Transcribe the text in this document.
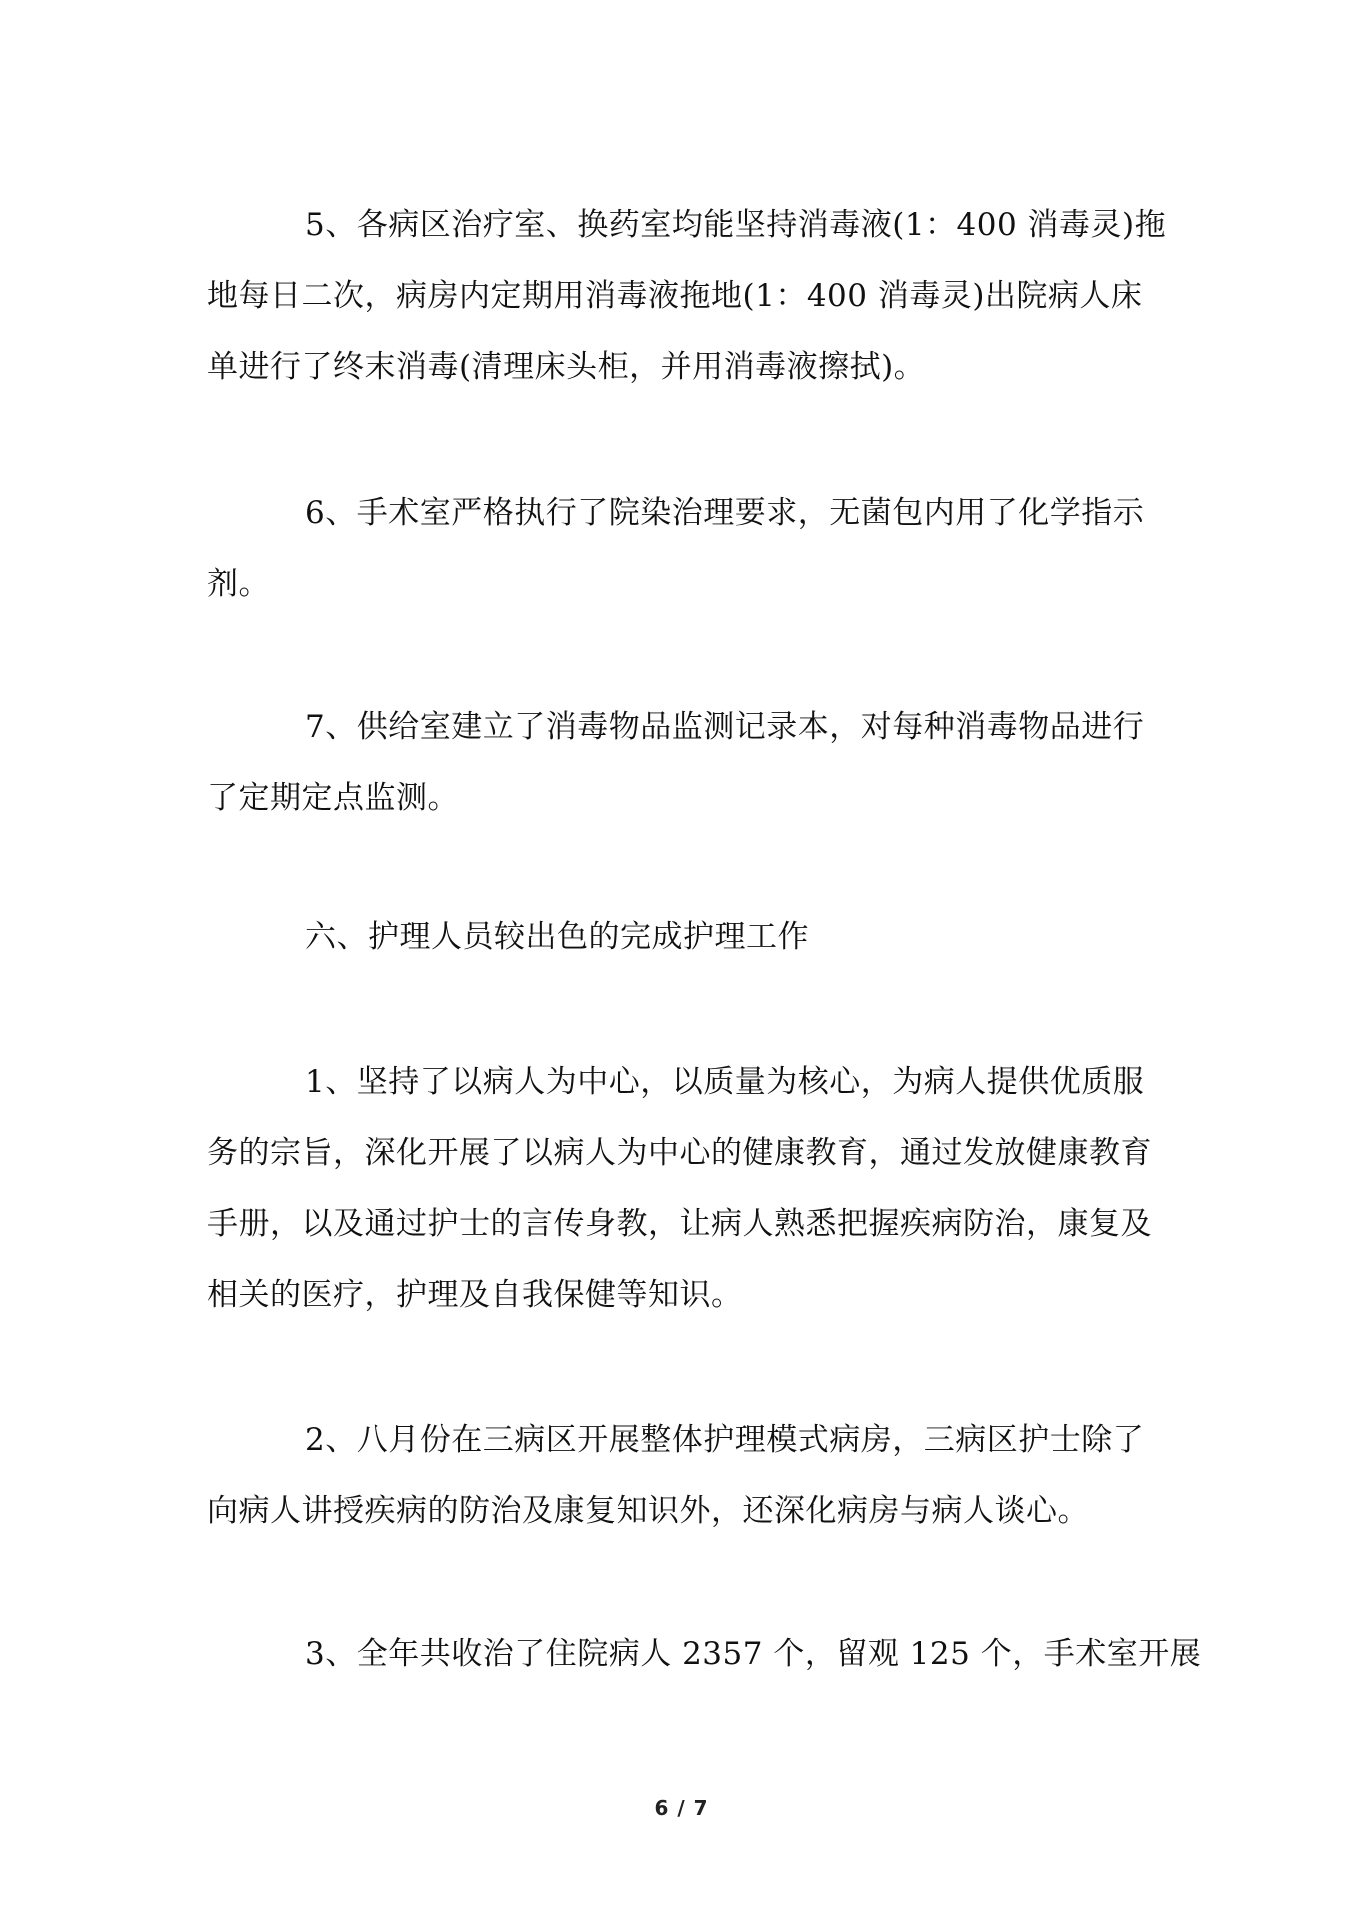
5、各病区治疗室、换药室均能坚持消毒液(1：400 消毒灵)拖
地每日二次，病房内定期用消毒液拖地(1：400 消毒灵)出院病人床
单进行了终末消毒(清理床头柜，并用消毒液擦拭)。
6、手术室严格执行了院染治理要求，无菌包内用了化学指示
剂。
7、供给室建立了消毒物品监测记录本，对每种消毒物品进行
了定期定点监测。
六、护理人员较出色的完成护理工作
1、坚持了以病人为中心，以质量为核心，为病人提供优质服
务的宗旨，深化开展了以病人为中心的健康教育，通过发放健康教育
手册，以及通过护士的言传身教，让病人熟悉把握疾病防治，康复及
相关的医疗，护理及自我保健等知识。
2、八月份在三病区开展整体护理模式病房，三病区护士除了
向病人讲授疾病的防治及康复知识外，还深化病房与病人谈心。
3、全年共收治了住院病人 2357 个，留观 125 个，手术室开展
6 / 7
